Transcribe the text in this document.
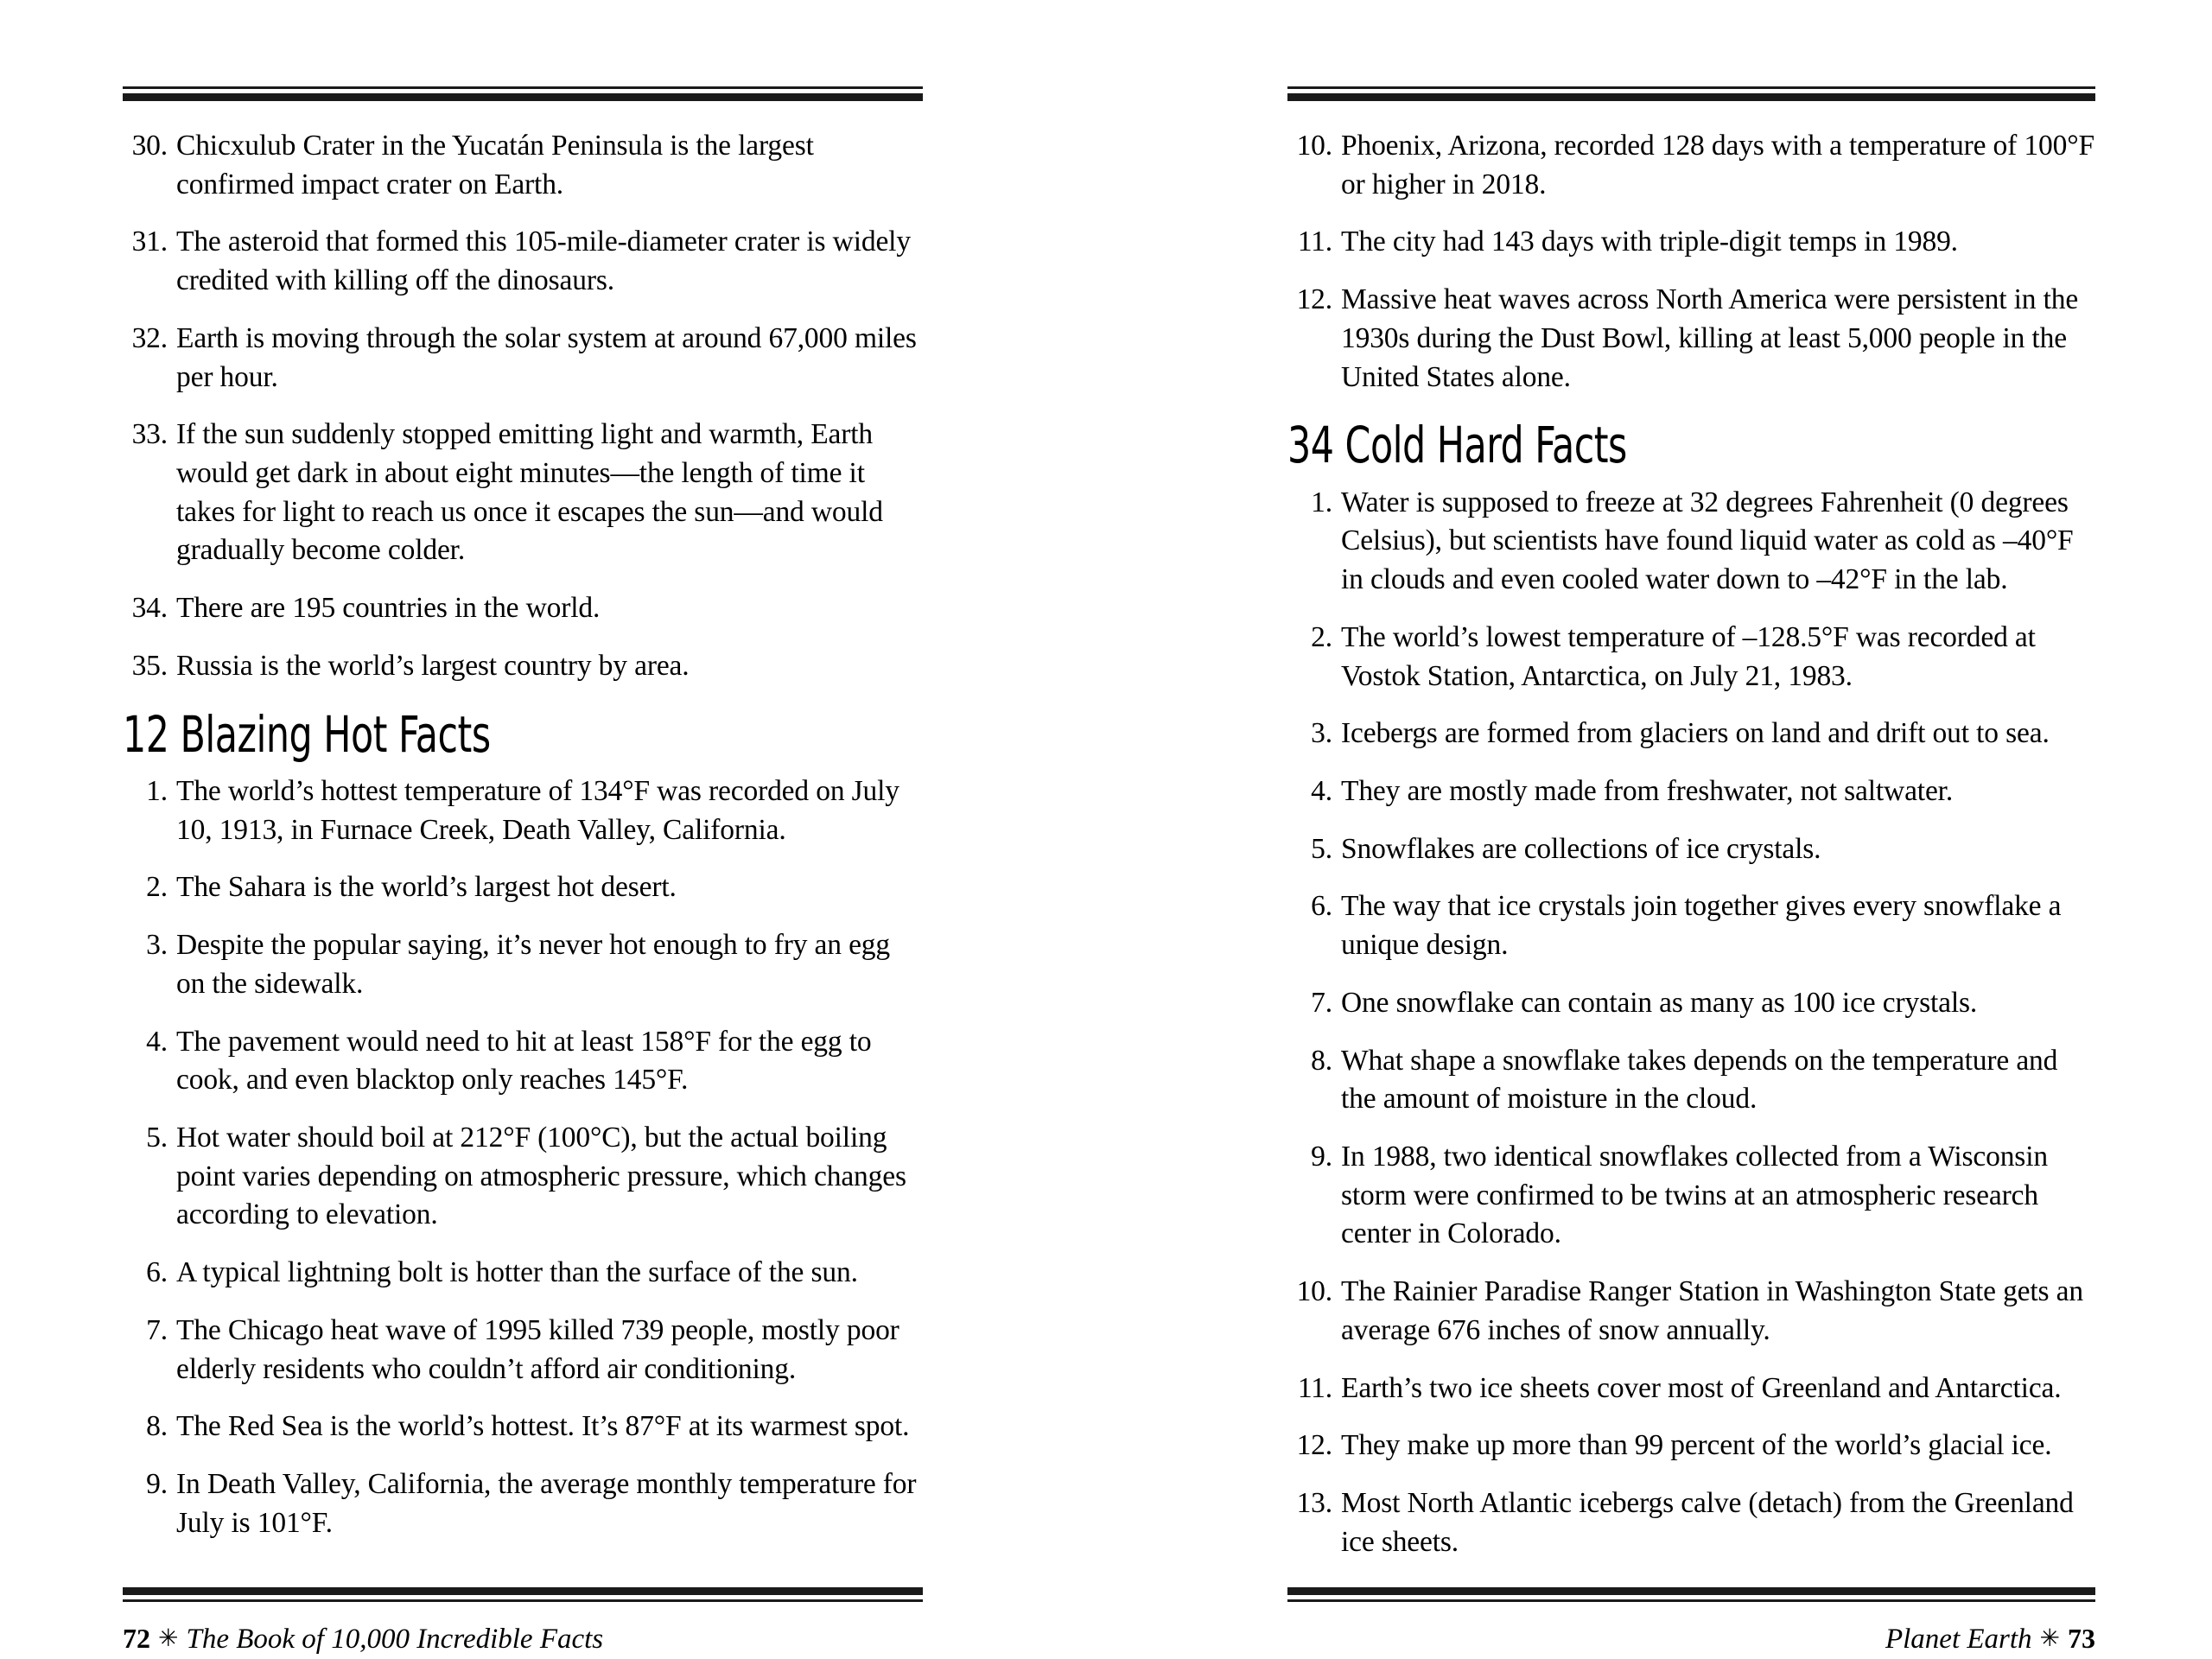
30. Chicxulub Crater in the Yucatán Peninsula is the largest confirmed impact crater on Earth.
31. The asteroid that formed this 105-mile-diameter crater is widely credited with killing off the dinosaurs.
32. Earth is moving through the solar system at around 67,000 miles per hour.
33. If the sun suddenly stopped emitting light and warmth, Earth would get dark in about eight minutes—the length of time it takes for light to reach us once it escapes the sun—and would gradually become colder.
34. There are 195 countries in the world.
35. Russia is the world’s largest country by area.
12 Blazing Hot Facts
1. The world’s hottest temperature of 134°F was recorded on July 10, 1913, in Furnace Creek, Death Valley, California.
2. The Sahara is the world’s largest hot desert.
3. Despite the popular saying, it’s never hot enough to fry an egg on the sidewalk.
4. The pavement would need to hit at least 158°F for the egg to cook, and even blacktop only reaches 145°F.
5. Hot water should boil at 212°F (100°C), but the actual boiling point varies depending on atmospheric pressure, which changes according to elevation.
6. A typical lightning bolt is hotter than the surface of the sun.
7. The Chicago heat wave of 1995 killed 739 people, mostly poor elderly residents who couldn’t afford air conditioning.
8. The Red Sea is the world’s hottest. It’s 87°F at its warmest spot.
9. In Death Valley, California, the average monthly temperature for July is 101°F.
72 ✳ The Book of 10,000 Incredible Facts
10. Phoenix, Arizona, recorded 128 days with a temperature of 100°F or higher in 2018.
11. The city had 143 days with triple-digit temps in 1989.
12. Massive heat waves across North America were persistent in the 1930s during the Dust Bowl, killing at least 5,000 people in the United States alone.
34 Cold Hard Facts
1. Water is supposed to freeze at 32 degrees Fahrenheit (0 degrees Celsius), but scientists have found liquid water as cold as –40°F in clouds and even cooled water down to –42°F in the lab.
2. The world’s lowest temperature of –128.5°F was recorded at Vostok Station, Antarctica, on July 21, 1983.
3. Icebergs are formed from glaciers on land and drift out to sea.
4. They are mostly made from freshwater, not saltwater.
5. Snowflakes are collections of ice crystals.
6. The way that ice crystals join together gives every snowflake a unique design.
7. One snowflake can contain as many as 100 ice crystals.
8. What shape a snowflake takes depends on the temperature and the amount of moisture in the cloud.
9. In 1988, two identical snowflakes collected from a Wisconsin storm were confirmed to be twins at an atmospheric research center in Colorado.
10. The Rainier Paradise Ranger Station in Washington State gets an average 676 inches of snow annually.
11. Earth’s two ice sheets cover most of Greenland and Antarctica.
12. They make up more than 99 percent of the world’s glacial ice.
13. Most North Atlantic icebergs calve (detach) from the Greenland ice sheets.
Planet Earth ✳ 73
